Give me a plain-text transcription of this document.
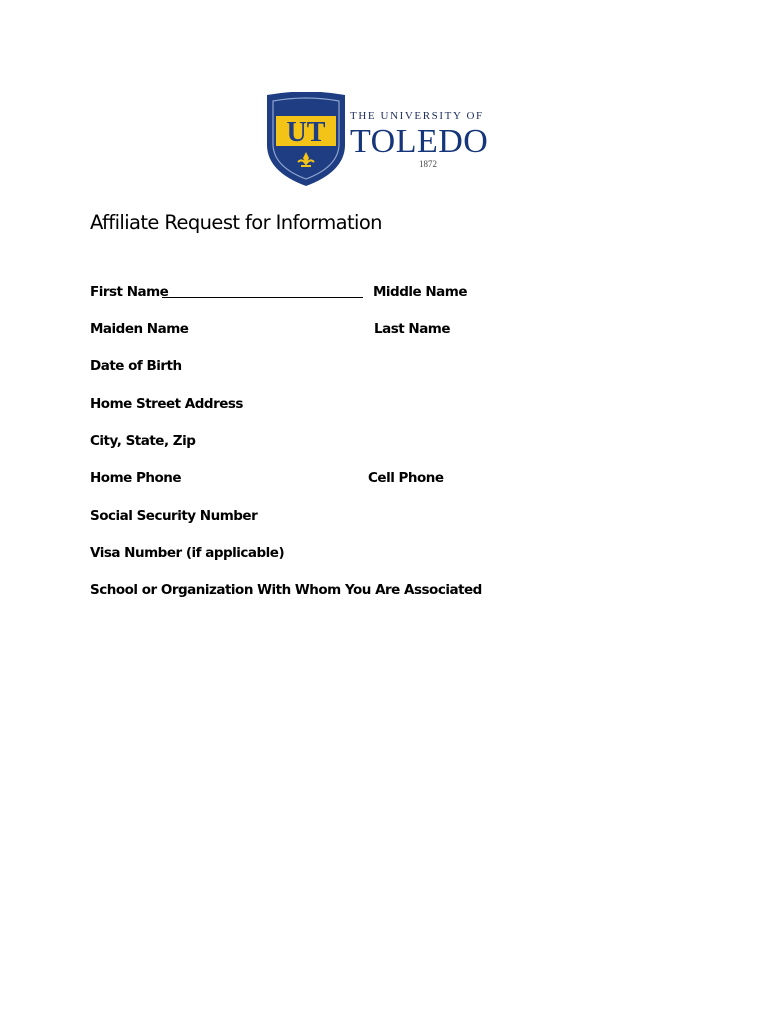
UT
THE UNIVERSITY OF
TOLEDO
1872
Affiliate Request for Information
First Name	Middle Name
Maiden Name	Last Name
Date of Birth
Home Street Address
City, State, Zip
Home Phone	Cell Phone
Social Security Number
Visa Number (if applicable)
School or Organization With Whom You Are Associated
